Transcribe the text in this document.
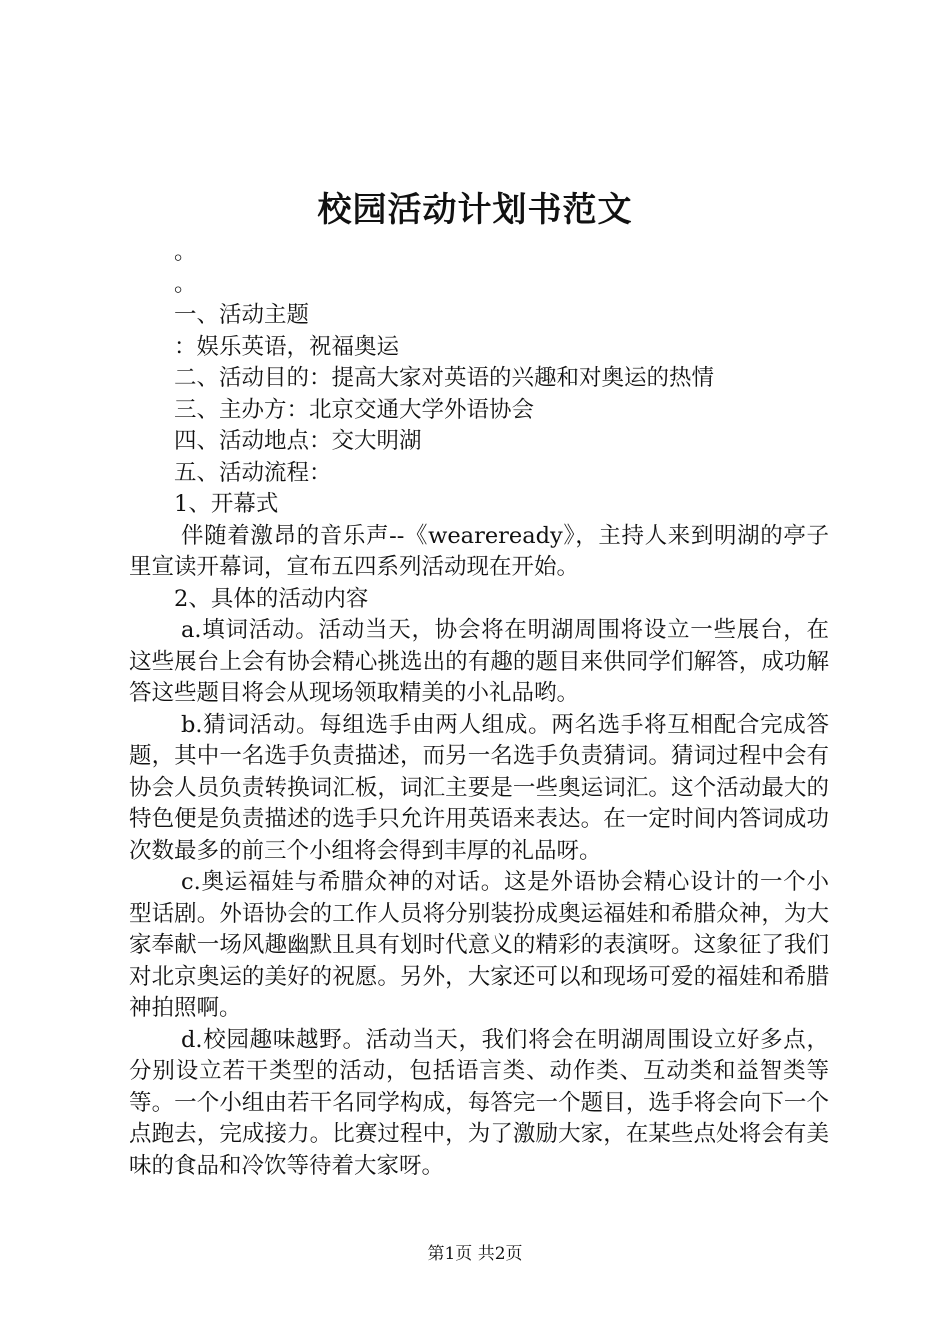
校园活动计划书范文

。

。

一、活动主题

：娱乐英语，祝福奥运

二、活动目的：提高大家对英语的兴趣和对奥运的热情

三、主办方：北京交通大学外语协会

四、活动地点：交大明湖

五、活动流程：

1、开幕式

伴随着激昂的音乐声--《weareready》，主持人来到明湖的亭子里宣读开幕词，宣布五四系列活动现在开始。

2、具体的活动内容

a.填词活动。活动当天，协会将在明湖周围将设立一些展台，在这些展台上会有协会精心挑选出的有趣的题目来供同学们解答，成功解答这些题目将会从现场领取精美的小礼品哟。

b.猜词活动。每组选手由两人组成。两名选手将互相配合完成答题，其中一名选手负责描述，而另一名选手负责猜词。猜词过程中会有协会人员负责转换词汇板，词汇主要是一些奥运词汇。这个活动最大的特色便是负责描述的选手只允许用英语来表达。在一定时间内答词成功次数最多的前三个小组将会得到丰厚的礼品呀。

c.奥运福娃与希腊众神的对话。这是外语协会精心设计的一个小型话剧。外语协会的工作人员将分别装扮成奥运福娃和希腊众神，为大家奉献一场风趣幽默且具有划时代意义的精彩的表演呀。这象征了我们对北京奥运的美好的祝愿。另外，大家还可以和现场可爱的福娃和希腊神拍照啊。

d.校园趣味越野。活动当天，我们将会在明湖周围设立好多点，分别设立若干类型的活动，包括语言类、动作类、互动类和益智类等等。一个小组由若干名同学构成，每答完一个题目，选手将会向下一个点跑去，完成接力。比赛过程中，为了激励大家，在某些点处将会有美味的食品和冷饮等待着大家呀。

第1页 共2页
